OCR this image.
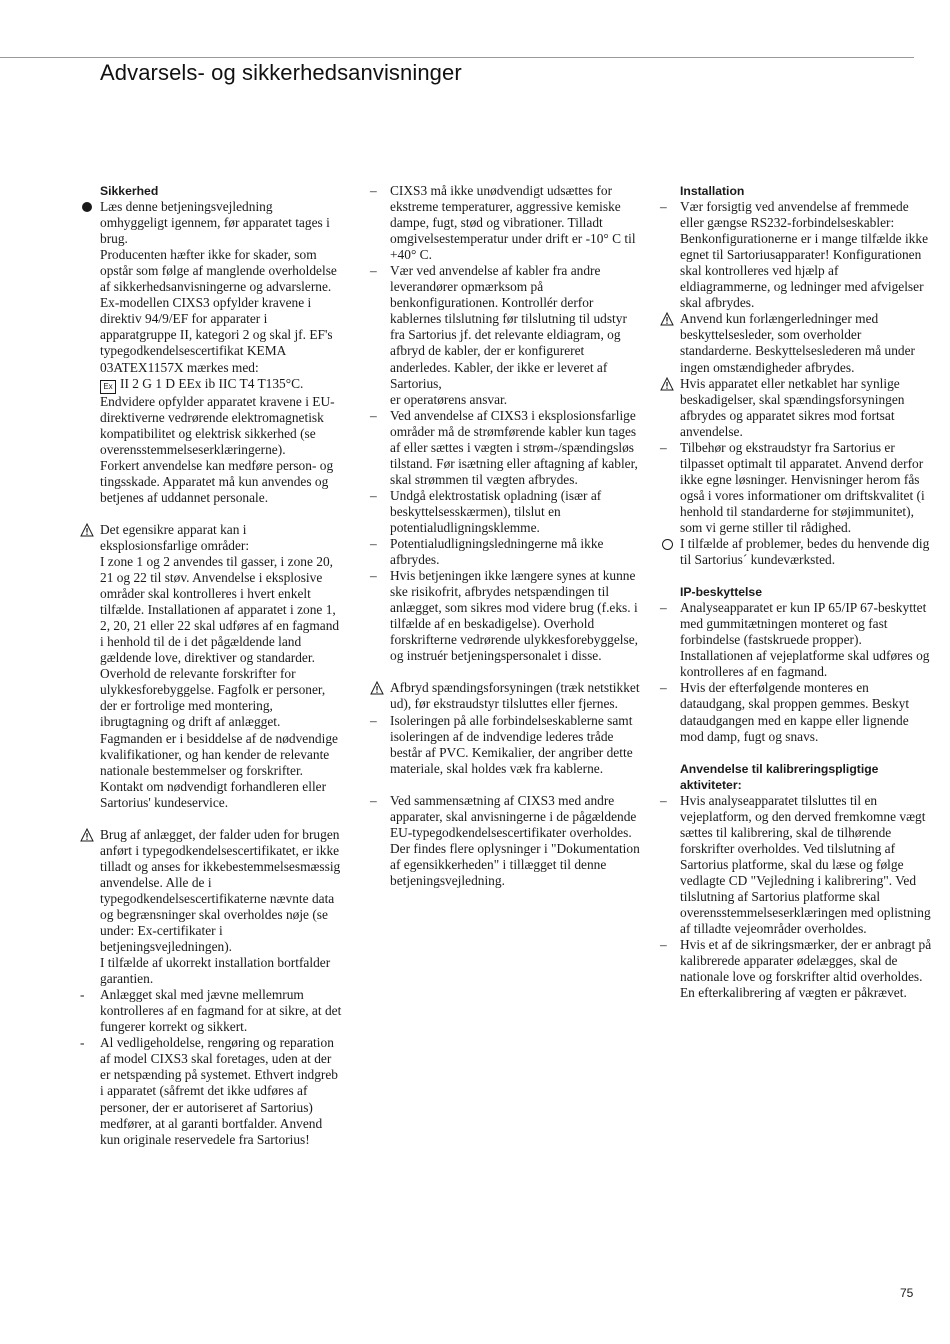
Advarsels- og sikkerhedsanvisninger
Sikkerhed
Læs denne betjeningsvejledning omhyggeligt igennem, før apparatet tages i brug.
Producenten hæfter ikke for skader, som opstår som følge af manglende overholdelse af sikkerhedsanvisningerne og advarslerne.
Ex-modellen CIXS3 opfylder kravene i direktiv 94/9/EF for apparater i apparatgruppe II, kategori 2 og skal jf. EF's typegodkendelsescertifikat KEMA 03ATEX1157X mærkes med:
Ex II 2 G 1 D EEx ib IIC T4 T135°C.
Endvidere opfylder apparatet kravene i EU-direktiverne vedrørende elektromagnetisk kompatibilitet og elektrisk sikkerhed (se overensstemmelseserklæringerne).
Forkert anvendelse kan medføre person- og tingsskade. Apparatet må kun anvendes og betjenes af uddannet personale.
Det egensikre apparat kan i eksplosionsfarlige områder:
I zone 1 og 2 anvendes til gasser, i zone 20, 21 og 22 til støv. Anvendelse i eksplosive områder skal kontrolleres i hvert enkelt tilfælde. Installationen af apparatet i zone 1, 2, 20, 21 eller 22 skal udføres af en fagmand i henhold til de i det pågældende land gældende love, direktiver og standarder. Overhold de relevante forskrifter for ulykkesforebyggelse. Fagfolk er personer, der er fortrolige med montering, ibrugtagning og drift af anlægget. Fagmanden er i besiddelse af de nødvendige kvalifikationer, og han kender de relevante nationale bestemmelser og forskrifter. Kontakt om nødvendigt forhandleren eller Sartorius' kundeservice.
Brug af anlægget, der falder uden for brugen anført i typegodkendelsescertifikatet, er ikke tilladt og anses for ikkebestemmelsesmæssig anvendelse. Alle de i typegodkendelsescertifikaterne nævnte data og begrænsninger skal overholdes nøje (se under: Ex-certifikater i betjeningsvejledningen).
I tilfælde af ukorrekt installation bortfalder garantien.
- Anlægget skal med jævne mellemrum kontrolleres af en fagmand for at sikre, at det fungerer korrekt og sikkert.
- Al vedligeholdelse, rengøring og reparation af model CIXS3 skal foretages, uden at der er netspænding på systemet. Ethvert indgreb i apparatet (såfremt det ikke udføres af personer, der er autoriseret af Sartorius) medfører, at al garanti bortfalder. Anvend kun originale reservedele fra Sartorius!
– CIXS3 må ikke unødvendigt udsættes for ekstreme temperaturer, aggressive kemiske dampe, fugt, stød og vibrationer. Tilladt omgivelsestemperatur under drift er -10° C til +40° C.
– Vær ved anvendelse af kabler fra andre leverandører opmærksom på benkonfigurationen. Kontrollér derfor kablernes tilslutning før tilslutning til udstyr fra Sartorius jf. det relevante eldiagram, og afbryd de kabler, der er konfigureret anderledes. Kabler, der ikke er leveret af Sartorius,
er operatørens ansvar.
– Ved anvendelse af CIXS3 i eksplosionsfarlige områder må de strømførende kabler kun tages af eller sættes i vægten i strøm-/spændingsløs tilstand. Før isætning eller aftagning af kabler, skal strømmen til vægten afbrydes.
– Undgå elektrostatisk opladning (især af beskyttelsesskærmen), tilslut en potentialudligningsklemme.
– Potentialudligningsledningerne må ikke afbrydes.
– Hvis betjeningen ikke længere synes at kunne ske risikofrit, afbrydes netspændingen til anlægget, som sikres mod videre brug (f.eks. i tilfælde af en beskadigelse). Overhold forskrifterne vedrørende ulykkesforebyggelse, og instruér betjeningspersonalet i disse.
Afbryd spændingsforsyningen (træk netstikket ud), før ekstraudstyr tilsluttes eller fjernes.
– Isoleringen på alle forbindelseskablerne samt isoleringen af de indvendige lederes tråde består af PVC. Kemikalier, der angriber dette materiale, skal holdes væk fra kablerne.
– Ved sammensætning af CIXS3 med andre apparater, skal anvisningerne i de pågældende EU-typegodkendelsescertifikater overholdes. Der findes flere oplysninger i "Dokumentation af egensikkerheden" i tillægget til denne betjeningsvejledning.
Installation
– Vær forsigtig ved anvendelse af fremmede eller gængse RS232-forbindelseskabler: Benkonfigurationerne er i mange tilfælde ikke egnet til Sartoriusapparater! Konfigurationen skal kontrolleres ved hjælp af eldiagrammerne, og ledninger med afvigelser skal afbrydes.
Anvend kun forlængerledninger med beskyttelsesleder, som overholder standarderne. Beskyttelseslederen må under ingen omstændigheder afbrydes.
Hvis apparatet eller netkablet har synlige beskadigelser, skal spændingsforsyningen afbrydes og apparatet sikres mod fortsat anvendelse.
– Tilbehør og ekstraudstyr fra Sartorius er tilpasset optimalt til apparatet. Anvend derfor ikke egne løsninger. Henvisninger herom fås også i vores informationer om driftskvalitet (i henhold til standarderne for støjimmunitet), som vi gerne stiller til rådighed.
I tilfælde af problemer, bedes du henvende dig til Sartorius´ kundeværksted.
IP-beskyttelse
– Analyseapparatet er kun IP 65/IP 67-beskyttet med gummitætningen monteret og fast forbindelse (fastskruede propper). Installationen af vejeplatforme skal udføres og kontrolleres af en fagmand.
– Hvis der efterfølgende monteres en dataudgang, skal proppen gemmes. Beskyt dataudgangen med en kappe eller lignende mod damp, fugt og snavs.
Anvendelse til kalibreringspligtige aktiviteter:
– Hvis analyseapparatet tilsluttes til en vejeplatform, og den derved fremkomne vægt sættes til kalibrering, skal de tilhørende forskrifter overholdes. Ved tilslutning af Sartorius platforme, skal du læse og følge vedlagte CD "Vejledning i kalibrering". Ved tilslutning af Sartorius platforme skal overensstemmelseserklæringen med oplistning af tilladte vejeområder overholdes.
– Hvis et af de sikringsmærker, der er anbragt på kalibrerede apparater ødelægges, skal de nationale love og forskrifter altid overholdes. En efterkalibrering af vægten er påkrævet.
75
